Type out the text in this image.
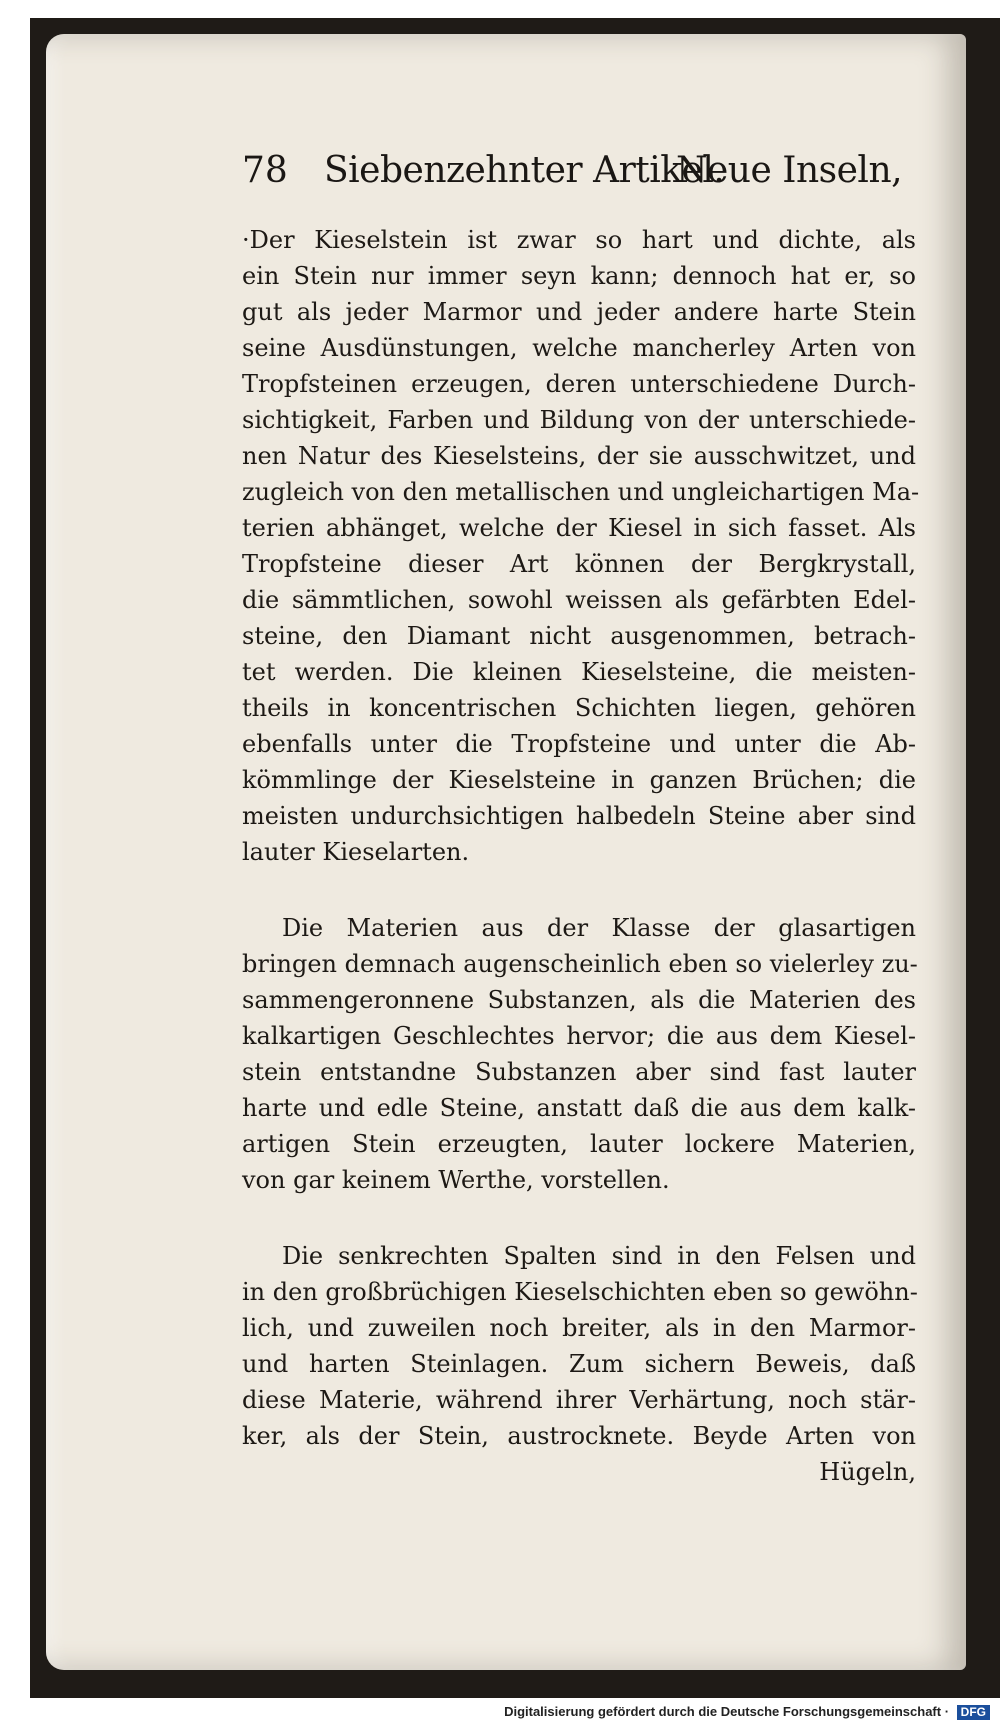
78 Siebenzehnter Artikel.
Neue Inseln,
·Der Kieselstein ist zwar so hart und dichte, als
ein Stein nur immer seyn kann; dennoch hat er, so
gut als jeder Marmor und jeder andere harte Stein
seine Ausdünstungen, welche mancherley Arten von
Tropfsteinen erzeugen, deren unterschiedene Durch-
sichtigkeit, Farben und Bildung von der unterschiede-
nen Natur des Kieselsteins, der sie ausschwitzet, und
zugleich von den metallischen und ungleichartigen Ma-
terien abhänget, welche der Kiesel in sich fasset. Als
Tropfsteine dieser Art können der Bergkrystall,
die sämmtlichen, sowohl weissen als gefärbten Edel-
steine, den Diamant nicht ausgenommen, betrach-
tet werden. Die kleinen Kieselsteine, die meisten-
theils in koncentrischen Schichten liegen, gehören
ebenfalls unter die Tropfsteine und unter die Ab-
kömmlinge der Kieselsteine in ganzen Brüchen; die
meisten undurchsichtigen halbedeln Steine aber sind
lauter Kieselarten.
Die Materien aus der Klasse der glasartigen
bringen demnach augenscheinlich eben so vielerley zu-
sammengeronnene Substanzen, als die Materien des
kalkartigen Geschlechtes hervor; die aus dem Kiesel-
stein entstandne Substanzen aber sind fast lauter
harte und edle Steine, anstatt daß die aus dem kalk-
artigen Stein erzeugten, lauter lockere Materien,
von gar keinem Werthe, vorstellen.
Die senkrechten Spalten sind in den Felsen und
in den großbrüchigen Kieselschichten eben so gewöhn-
lich, und zuweilen noch breiter, als in den Marmor-
und harten Steinlagen. Zum sichern Beweis, daß
diese Materie, während ihrer Verhärtung, noch stär-
ker, als der Stein, austrocknete. Beyde Arten von
Hügeln,
Digitalisierung gefördert durch die Deutsche Forschungsgemeinschaft · DFG
